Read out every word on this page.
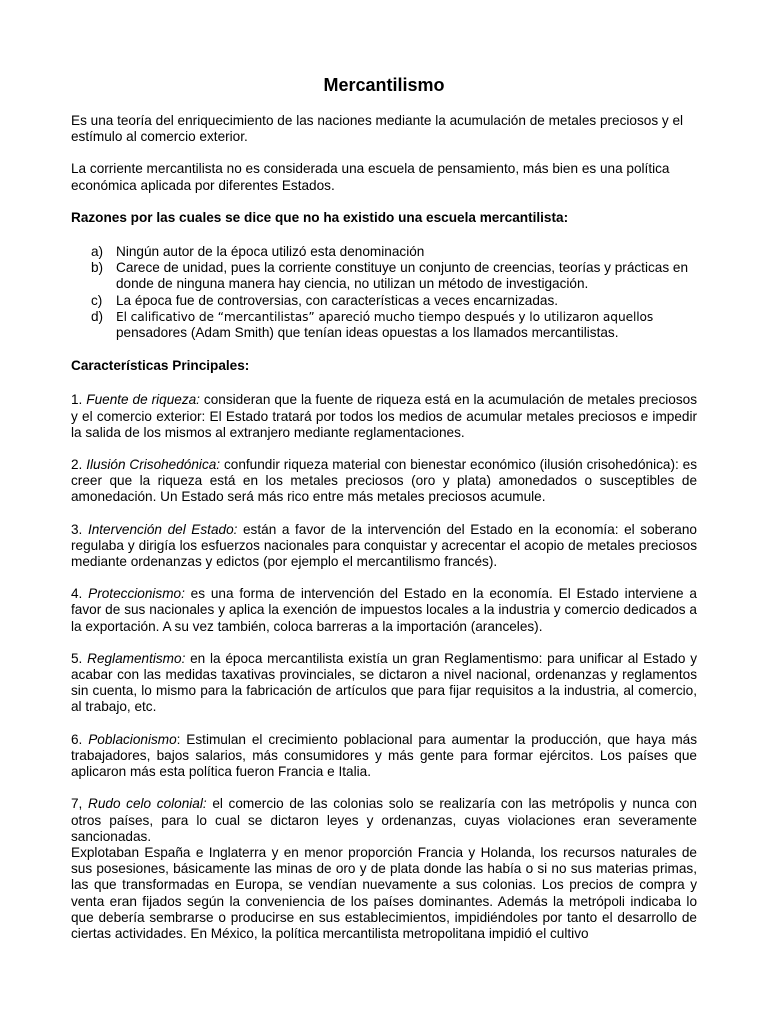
Mercantilismo

Es una teoría del enriquecimiento de las naciones mediante la acumulación de metales preciosos y el estímulo al comercio exterior.

La corriente mercantilista no es considerada una escuela de pensamiento, más bien es una política económica aplicada por diferentes Estados.

Razones por las cuales se dice que no ha existido una escuela mercantilista:

a) Ningún autor de la época utilizó esta denominación
b) Carece de unidad, pues la corriente constituye un conjunto de creencias, teorías y prácticas en donde de ninguna manera hay ciencia, no utilizan un método de investigación.
c) La época fue de controversias, con características a veces encarnizadas.
d) El calificativo de “mercantilistas” apareció mucho tiempo después y lo utilizaron aquellos
pensadores (Adam Smith) que tenían ideas opuestas a los llamados mercantilistas.

Características Principales:

1. Fuente de riqueza: consideran que la fuente de riqueza está en la acumulación de metales preciosos y el comercio exterior: El Estado tratará por todos los medios de acumular metales preciosos e impedir la salida de los mismos al extranjero mediante reglamentaciones.

2. Ilusión Crisohedónica: confundir riqueza material con bienestar económico (ilusión crisohedónica): es creer que la riqueza está en los metales preciosos (oro y plata) amonedados o susceptibles de amonedación. Un Estado será más rico entre más metales preciosos acumule.

3. Intervención del Estado: están a favor de la intervención del Estado en la economía: el soberano regulaba y dirigía los esfuerzos nacionales para conquistar y acrecentar el acopio de metales preciosos mediante ordenanzas y edictos (por ejemplo el mercantilismo francés).

4. Proteccionismo: es una forma de intervención del Estado en la economía. El Estado interviene a favor de sus nacionales y aplica la exención de impuestos locales a la industria y comercio dedicados a la exportación. A su vez también, coloca barreras a la importación (aranceles).

5. Reglamentismo: en la época mercantilista existía un gran Reglamentismo: para unificar al Estado y acabar con las medidas taxativas provinciales, se dictaron a nivel nacional, ordenanzas y reglamentos sin cuenta, lo mismo para la fabricación de artículos que para fijar requisitos a la industria, al comercio, al trabajo, etc.

6. Poblacionismo: Estimulan el crecimiento poblacional para aumentar la producción, que haya más trabajadores, bajos salarios, más consumidores y más gente para formar ejércitos. Los países que aplicaron más esta política fueron Francia e Italia.

7, Rudo celo colonial: el comercio de las colonias solo se realizaría con las metrópolis y nunca con otros países, para lo cual se dictaron leyes y ordenanzas, cuyas violaciones eran severamente sancionadas.

Explotaban España e Inglaterra y en menor proporción Francia y Holanda, los recursos naturales de sus posesiones, básicamente las minas de oro y de plata donde las había o si no sus materias primas, las que transformadas en Europa, se vendían nuevamente a sus colonias. Los precios de compra y venta eran fijados según la conveniencia de los países dominantes. Además la metrópoli indicaba lo que debería sembrarse o producirse en sus establecimientos, impidiéndoles por tanto el desarrollo de ciertas actividades. En México, la política mercantilista metropolitana impidió el cultivo
